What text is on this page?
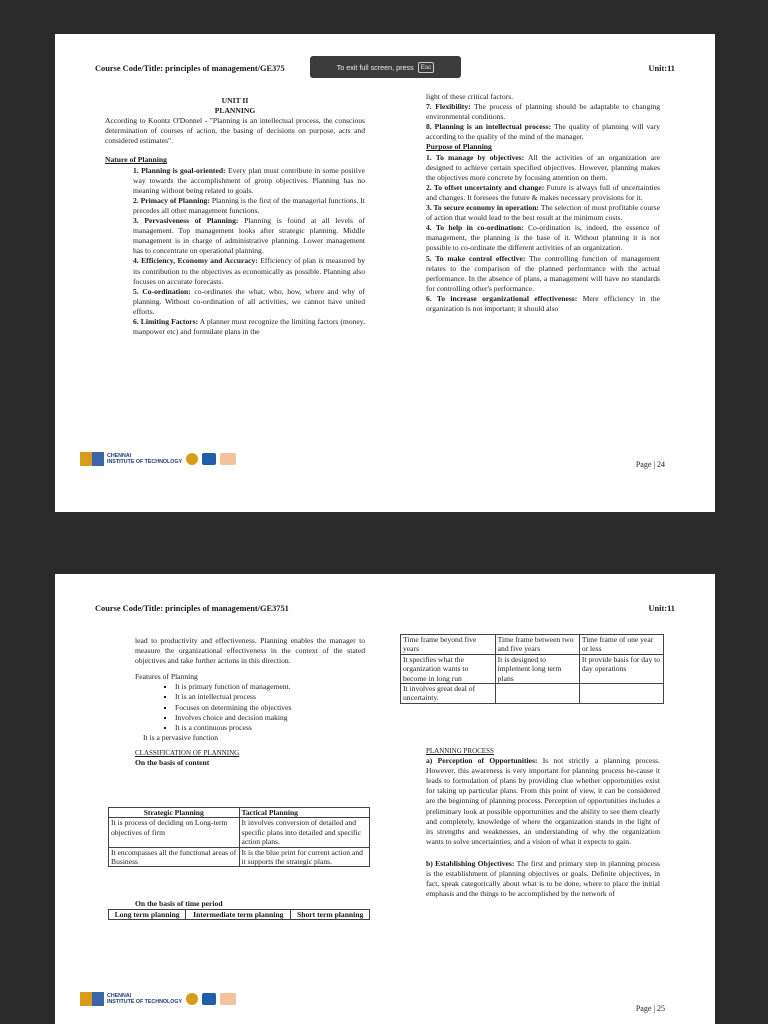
Course Code/Title: principles of management/GE375	Unit:11
To exit full screen, press	Esc

UNIT II

PLANNING

According to Koontz O'Donnel - "Planning is an intellectual process, the conscious determination of courses of action, the basing of decisions on purpose, acts and considered estimates".

Nature of Planning

1. Planning is goal-oriented: Every plan must contribute in some positive way towards the accomplishment of group objectives. Planning has no meaning without being related to goals.

2. Primacy of Planning: Planning is the first of the managerial functions. It precedes all other management functions.

3. Pervasiveness of Planning: Planning is found at all levels of management. Top management looks after strategic planning. Middle management is in charge of administrative planning. Lower management has to concentrate on operational planning.

4. Efficiency, Economy and Accuracy: Efficiency of plan is measured by its contribution to the objectives as economically as possible. Planning also focuses on accurate forecasts.

5. Co-ordination: co-ordinates the what, who, how, where and why of planning. Without co-ordination of all activities, we cannot have united efforts.

6. Limiting Factors: A planner must recognize the limiting factors (money, manpower etc) and formulate plans in the

light of these critical factors.

7. Flexibility: The process of planning should be adaptable to changing environmental conditions.

8. Planning is an intellectual process: The quality of planning will vary according to the quality of the mind of the manager.

Purpose of Planning

1. To manage by objectives: All the activities of an organization are designed to achieve certain specified objectives. However, planning makes the objectives more concrete by focusing attention on them.

2. To offset uncertainty and change: Future is always full of uncertainties and changes. It foresees the future & makes necessary provisions for it.

3. To secure economy in operation: The selection of most profitable course of action that would lead to the best result at the minimum costs.

4. To help in co-ordination: Co-ordination is, indeed, the essence of management, the planning is the base of it. Without planning it is not possible to co-ordinate the different activities of an organization.

5. To make control effective: The controlling function of management relates to the comparison of the planned performance with the actual performance. In the absence of plans, a management will have no standards for controlling other's performance.

6. To increase organizational effectiveness: Mere efficiency in the organization is not important; it should also

CHENNAI
INSTITUTE OF TECHNOLOGY	Page | 24
Course Code/Title: principles of management/GE3751	Unit:11

lead to productivity and effectiveness. Planning enables the manager to measure the organizational effectiveness in the context of the stated objectives and take further actions in this direction.

Features of Planning

▪ It is primary function of management.
▪ It is an intellectual process
▪ Focuses on determining the objectives
▪ Involves choice and decision making
▪ It is a continuous process

It is a pervasive function

CLASSIFICATION OF PLANNING

On the basis of content

Strategic Planning	Tactical Planning
It is process of deciding on Long-term objectives of firm	It involves conversion of detailed and specific plans into detailed and specific action plans.
It encompasses all the functional areas of Business	It is the blue print for current action and it supports the strategic plans.
On the basis of time period
Long term planning	Intermediate term planning	Short term planning
Time frame beyond five years	Time frame between two and five years	Time frame of one year or less
It specifies what the organization wants to become in long run	It is designed to implement long term plans	It provide basis for day to day operations
It involves great deal of uncertainty.		

PLANNING PROCESS

a) Perception of Opportunities: Is not strictly a planning process. However, this awareness is very important for planning process be-cause it leads to formulation of plans by providing clue whether opportunities exist for taking up particular plans. From this point of view, it can be considered are the beginning of planning process. Perception of opportunities includes a preliminary look at possible opportunities and the ability to see them clearly and completely, knowledge of where the organization stands in the light of its strengths and weaknesses, an understanding of why the organization wants to solve uncertainties, and a vision of what it expects to gain.

b) Establishing Objectives: The first and primary step in planning process is the establishment of planning objectives or goals. Definite objectives, in fact, speak categorically about what is to be done, where to place the initial emphasis and the things to be accomplished by the network of

CHENNAI
INSTITUTE OF TECHNOLOGY
Page | 25
